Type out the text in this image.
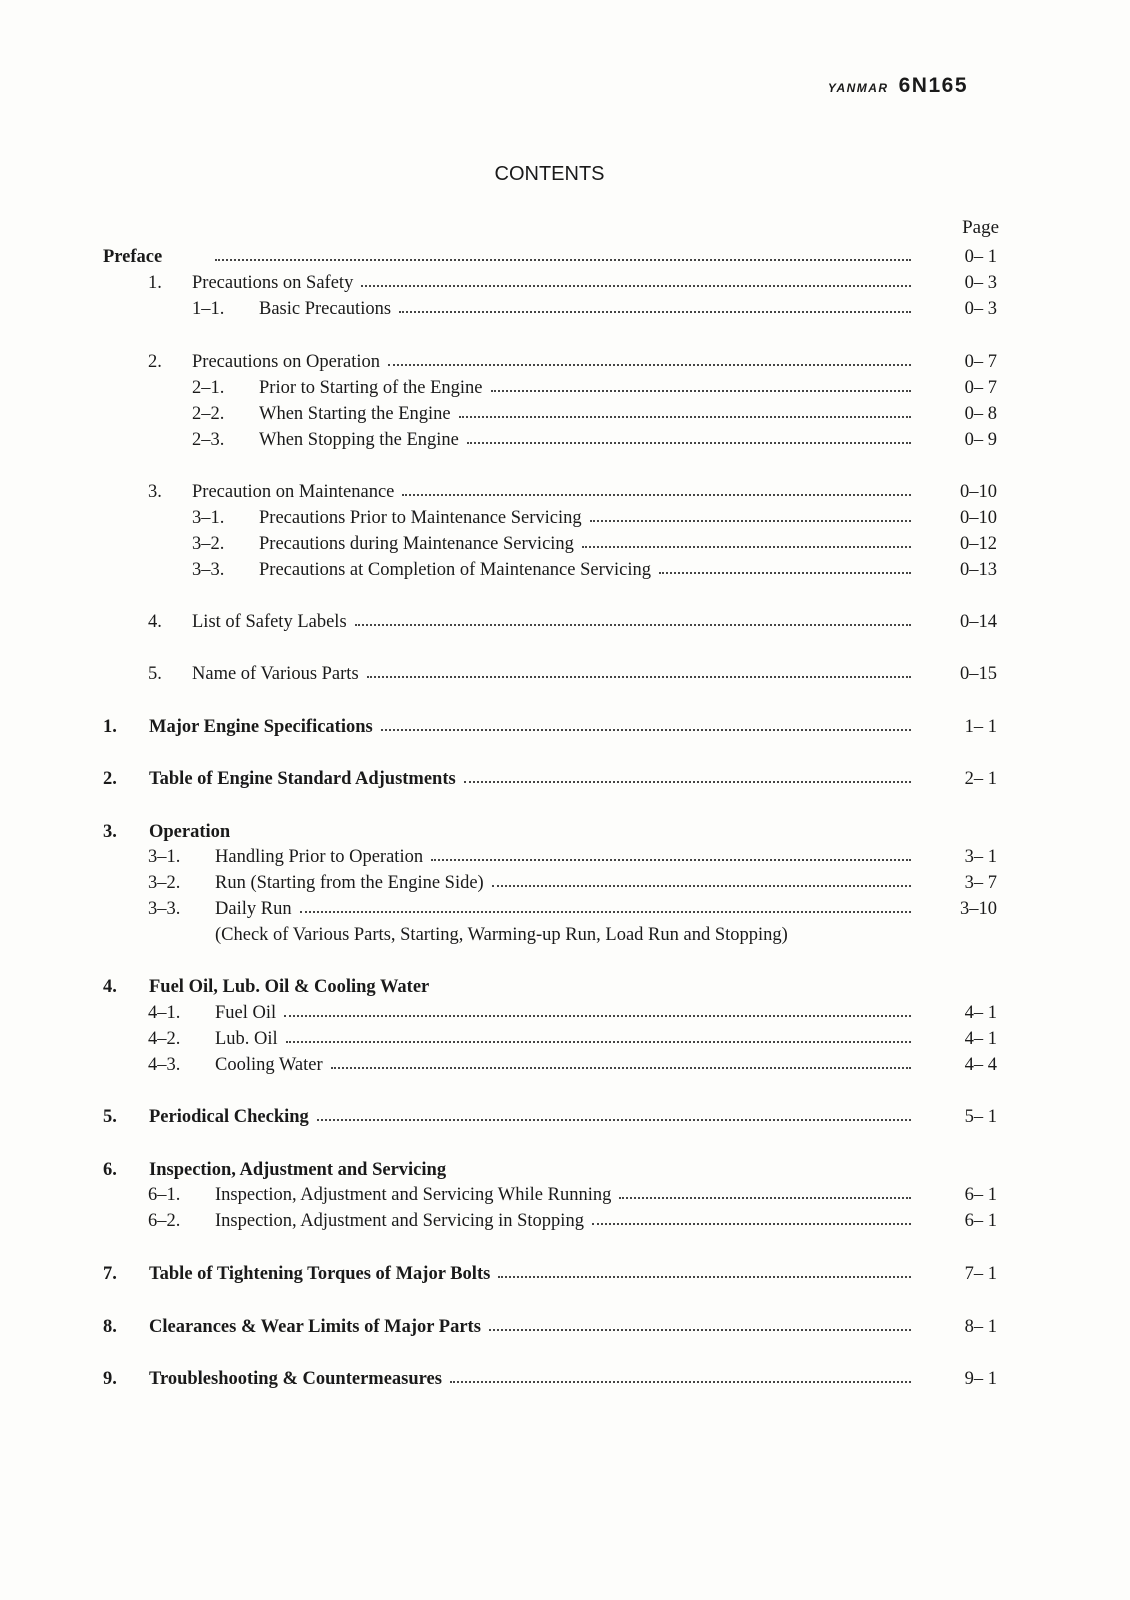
YANMAR 6N165
CONTENTS
Page
Preface	0– 1
1. Precautions on Safety	0– 3
1–1. Basic Precautions	0– 3
2. Precautions on Operation	0– 7
2–1. Prior to Starting of the Engine	0– 7
2–2. When Starting the Engine	0– 8
2–3. When Stopping the Engine	0– 9
3. Precaution on Maintenance	0–10
3–1. Precautions Prior to Maintenance Servicing	0–10
3–2. Precautions during Maintenance Servicing	0–12
3–3. Precautions at Completion of Maintenance Servicing	0–13
4. List of Safety Labels	0–14
5. Name of Various Parts	0–15
1. Major Engine Specifications	1– 1
2. Table of Engine Standard Adjustments	2– 1
3. Operation
3–1. Handling Prior to Operation	3– 1
3–2. Run (Starting from the Engine Side)	3– 7
3–3. Daily Run	3–10
(Check of Various Parts, Starting, Warming-up Run, Load Run and Stopping)
4. Fuel Oil, Lub. Oil & Cooling Water
4–1. Fuel Oil	4– 1
4–2. Lub. Oil	4– 1
4–3. Cooling Water	4– 4
5. Periodical Checking	5– 1
6. Inspection, Adjustment and Servicing
6–1. Inspection, Adjustment and Servicing While Running	6– 1
6–2. Inspection, Adjustment and Servicing in Stopping	6– 1
7. Table of Tightening Torques of Major Bolts	7– 1
8. Clearances & Wear Limits of Major Parts	8– 1
9. Troubleshooting & Countermeasures	9– 1
